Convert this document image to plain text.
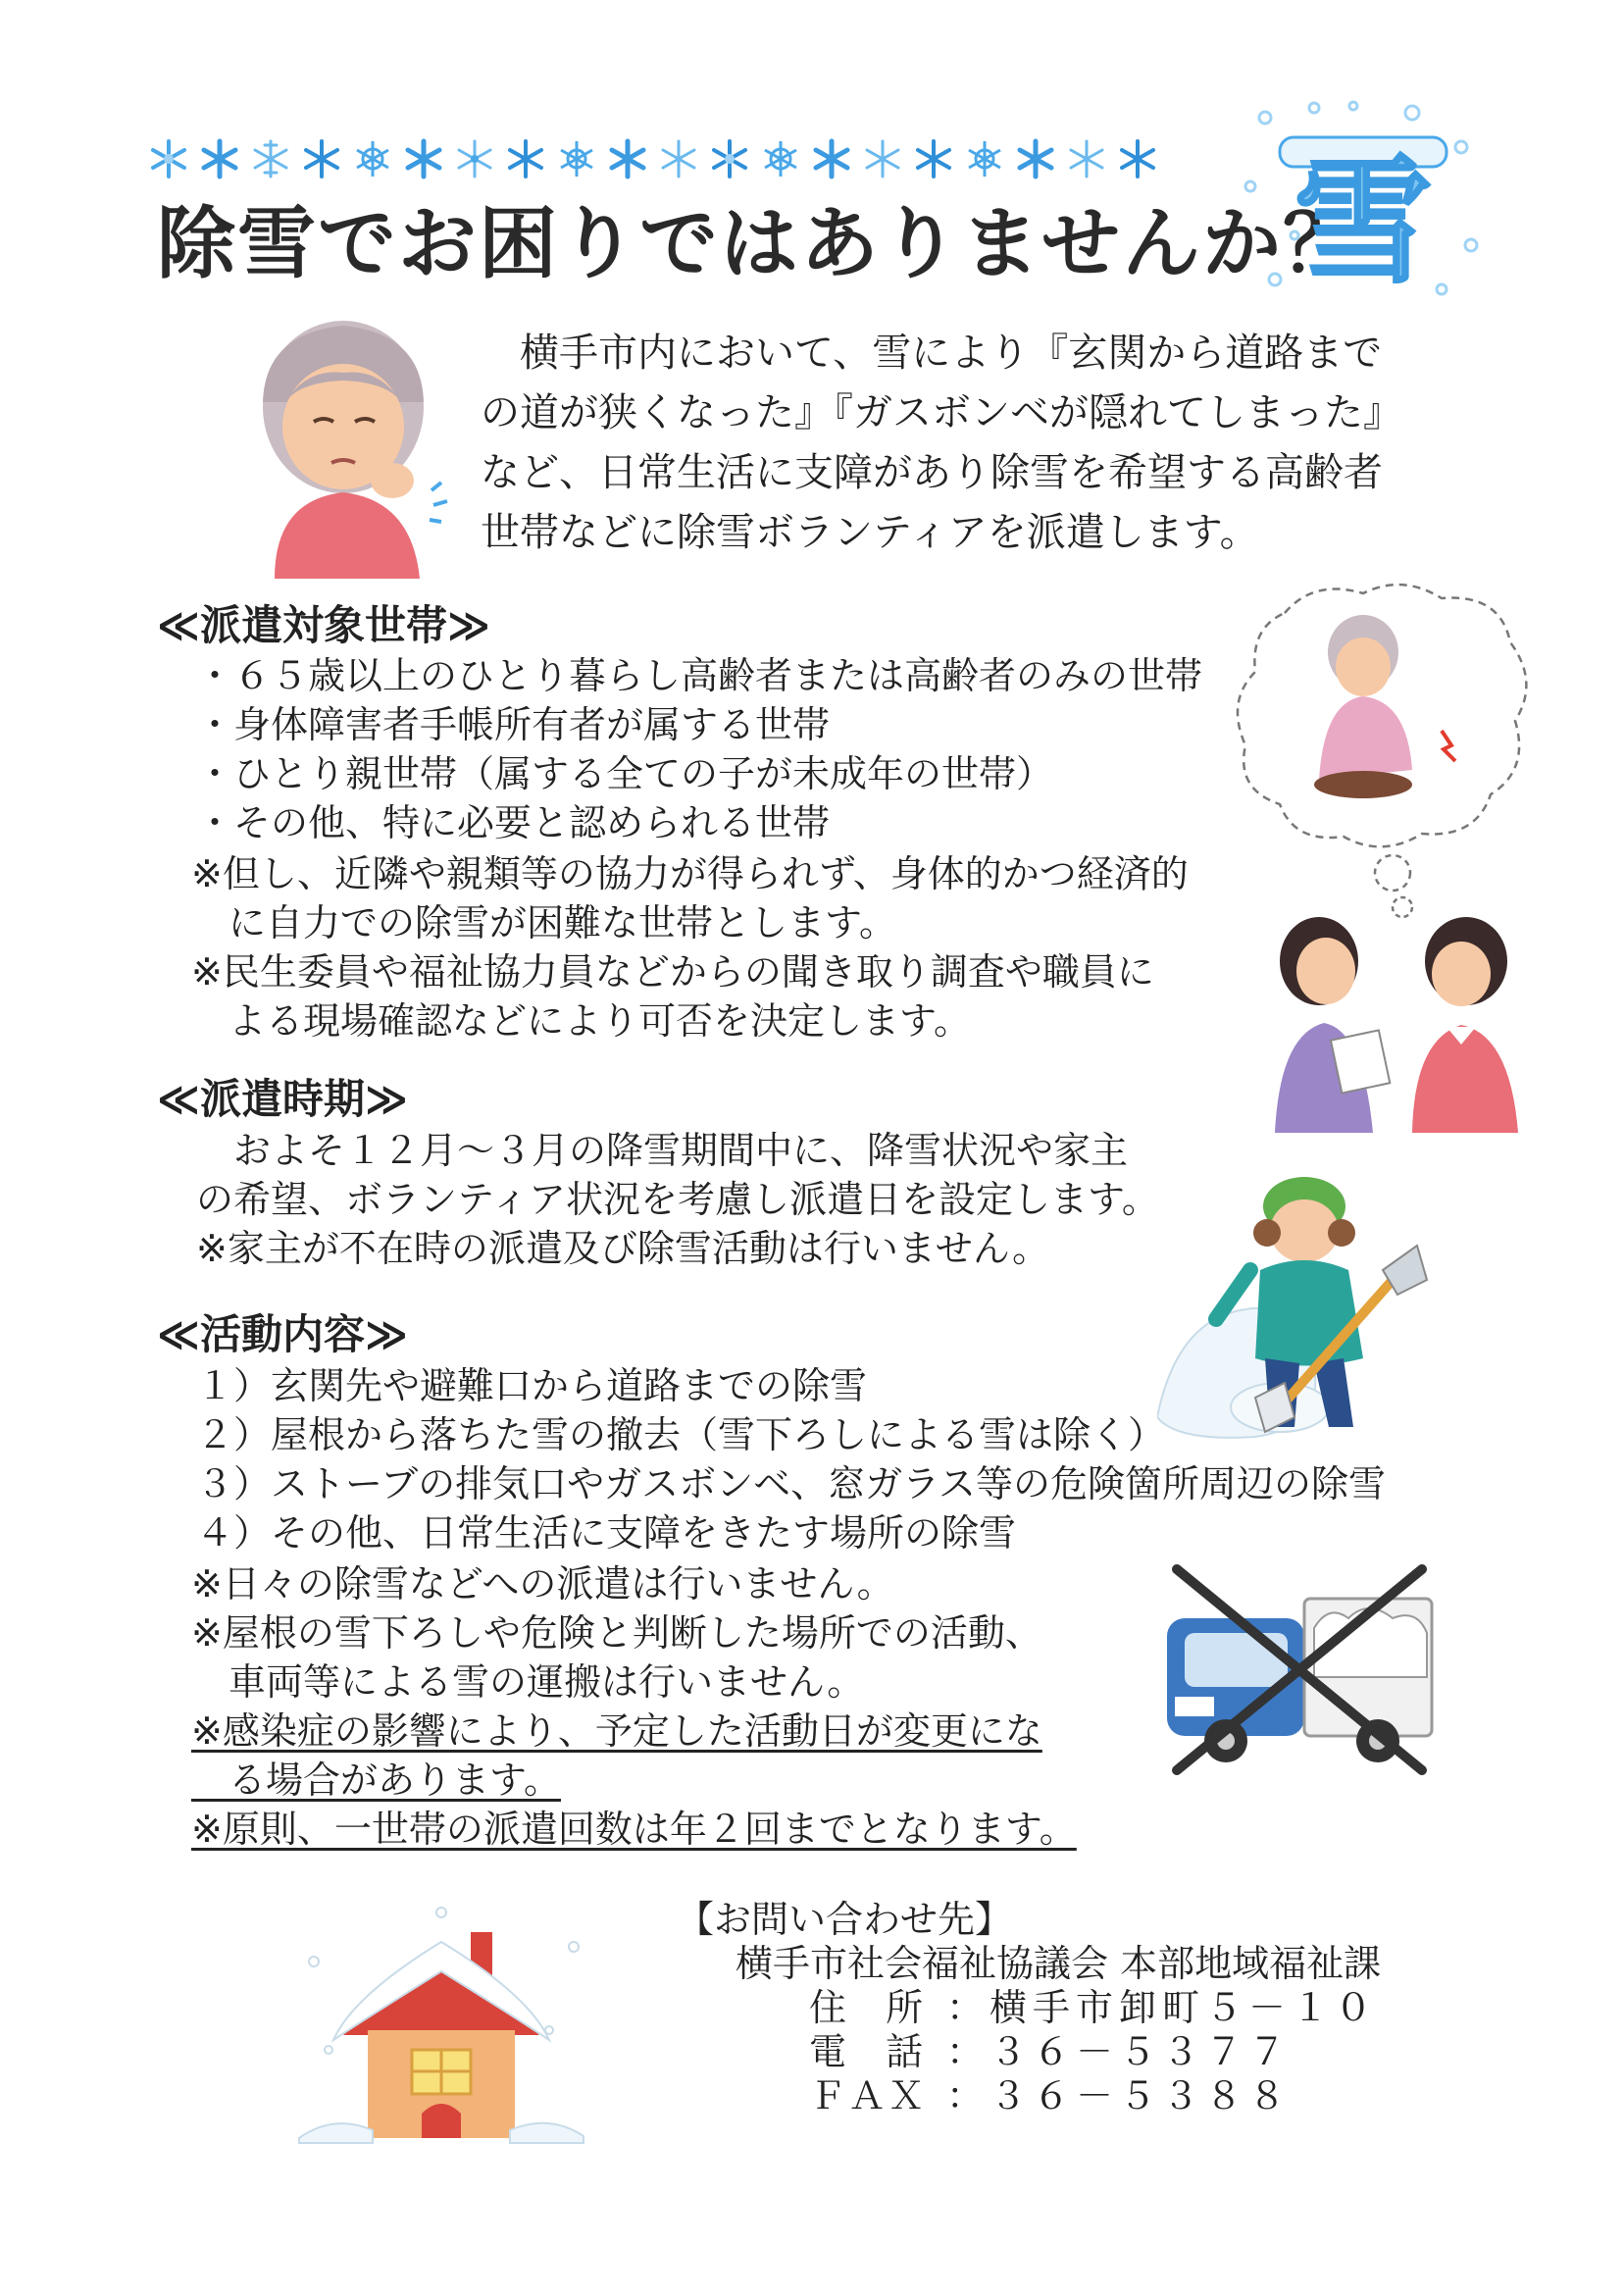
除雪でお困りではありませんか？
雪

　横手市内において、雪により『玄関から道路まで

の道が狭くなった』『ガスボンベが隠れてしまった』

など、日常生活に支障があり除雪を希望する高齢者

世帯などに除雪ボランティアを派遣します。

≪派遣対象世帯≫
・６５歳以上のひとり暮らし高齢者または高齢者のみの世帯
・身体障害者手帳所有者が属する世帯
・ひとり親世帯（属する全ての子が未成年の世帯）
・その他、特に必要と認められる世帯
※但し、近隣や親類等の協力が得られず、身体的かつ経済的
　に自力での除雪が困難な世帯とします。
※民生委員や福祉協力員などからの聞き取り調査や職員に
　よる現場確認などにより可否を決定します。
≪派遣時期≫
　およそ１２月～３月の降雪期間中に、降雪状況や家主
の希望、ボランティア状況を考慮し派遣日を設定します。
※家主が不在時の派遣及び除雪活動は行いません。
≪活動内容≫
１）玄関先や避難口から道路までの除雪
２）屋根から落ちた雪の撤去（雪下ろしによる雪は除く）
３）ストーブの排気口やガスボンベ、窓ガラス等の危険箇所周辺の除雪
４）その他、日常生活に支障をきたす場所の除雪
※日々の除雪などへの派遣は行いません。
※屋根の雪下ろしや危険と判断した場所での活動、
　車両等による雪の運搬は行いません。
※感染症の影響により、予定した活動日が変更にな
　る場合があります。
※原則、一世帯の派遣回数は年２回までとなります。
【お問い合わせ先】
横手市社会福祉協議会 本部地域福祉課
住 所 ：横手市卸町５－１０
電 話 ：３６－５３７７
ＦＡＸ ：３６－５３８８
